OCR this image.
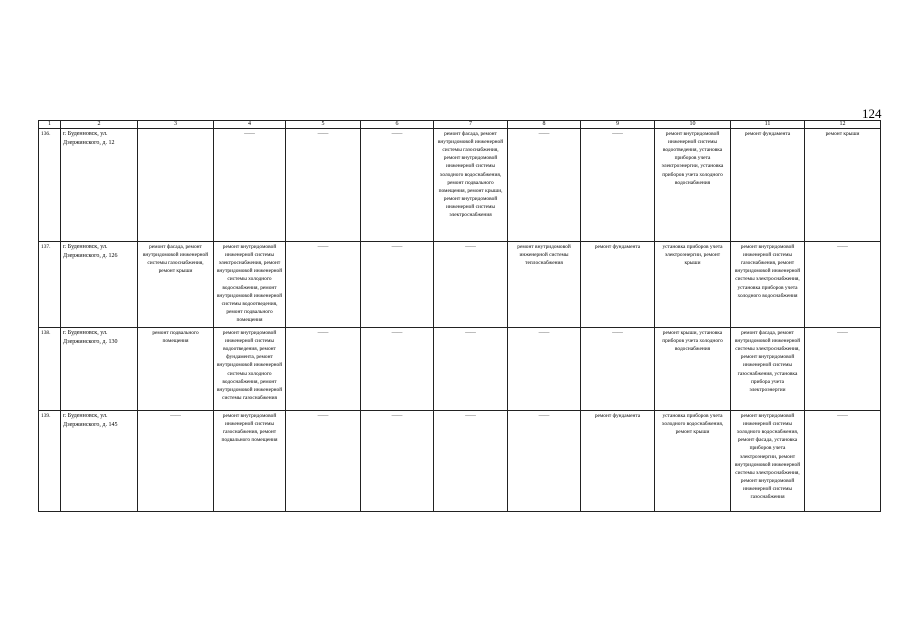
124
1	2	3	4	5	6	7	8	9	10	11	12
136.	г. Буденновск, ул. Дзержинского, д. 12		——	——	——	ремонт фасада, ремонт внутридомовой инженерной системы газоснабжения, ремонт внутридомовой инженерной системы холодного водоснабжения, ремонт подвального помещения, ремонт крыши, ремонт внутридомовой инженерной системы электроснабжения	——	——	ремонт внутридомовой инженерной системы водоотведения, установка приборов учета электроэнергии, установка приборов учета холодного водоснабжения	ремонт фундамента	ремонт крыши
137.	г. Буденновск, ул. Дзержинского, д. 126	ремонт фасада, ремонт внутридомовой инженерной системы газоснабжения, ремонт крыши	ремонт внутридомовой инженерной системы электроснабжения, ремонт внутридомовой инженерной системы холодного водоснабжения, ремонт внутридомовой инженерной системы водоотведения, ремонт подвального помещения	——	——	——	ремонт внутридомовой инженерной системы теплоснабжения	ремонт фундамента	установка приборов учета электроэнергии, ремонт крыши	ремонт внутридомовой инженерной системы газоснабжения, ремонт внутридомовой инженерной системы электроснабжения, установка приборов учета холодного водоснабжения	——
138.	г. Буденновск, ул. Дзержинского, д. 130	ремонт подвального помещения	ремонт внутридомовой инженерной системы водоотведения, ремонт фундамента, ремонт внутридомовой инженерной системы холодного водоснабжения, ремонт внутридомовой инженерной системы газоснабжения	——	——	——	——	——	ремонт крыши, установка приборов учета холодного водоснабжения	ремонт фасада, ремонт внутридомовой инженерной системы электроснабжения, ремонт внутридомовой инженерной системы газоснабжения, установка прибора учета электроэнергии	——
139.	г. Буденновск, ул. Дзержинского, д. 145	——	ремонт внутридомовой инженерной системы газоснабжения, ремонт подвального помещения	——	——	——	——	ремонт фундамента	установка приборов учета холодного водоснабжения, ремонт крыши	ремонт внутридомовой инженерной системы холодного водоснабжения, ремонт фасада, установка приборов учета электроэнергии, ремонт внутридомовой инженерной системы электроснабжения, ремонт внутридомовой инженерной системы газоснабжения	——
